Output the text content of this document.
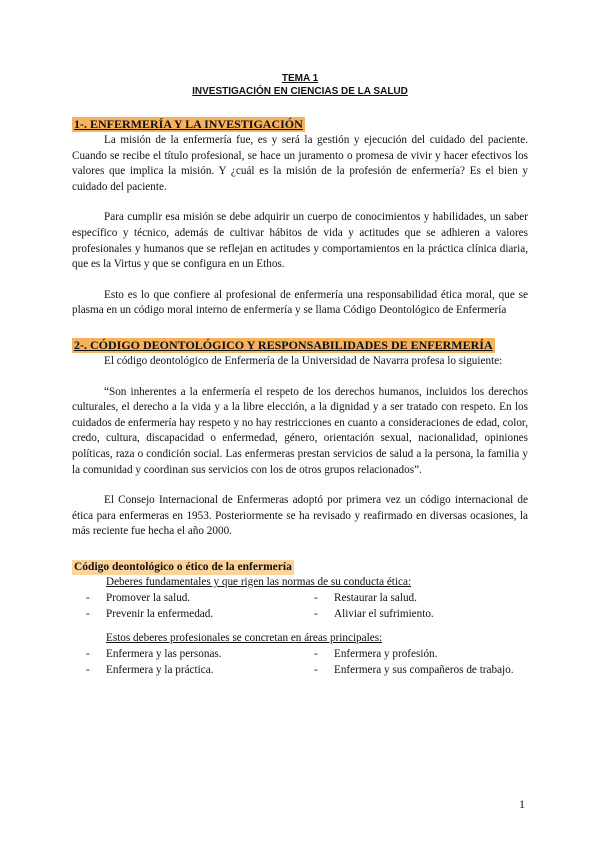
TEMA 1
INVESTIGACIÓN EN CIENCIAS DE LA SALUD
1-. ENFERMERÍA Y LA INVESTIGACIÓN

La misión de la enfermería fue, es y será la gestión y ejecución del cuidado del paciente. Cuando se recibe el título profesional, se hace un juramento o promesa de vivir y hacer efectivos los valores que implica la misión. Y ¿cuál es la misión de la profesión de enfermería? Es el bien y cuidado del paciente.

Para cumplir esa misión se debe adquirir un cuerpo de conocimientos y habilidades, un saber específico y técnico, además de cultivar hábitos de vida y actitudes que se adhieren a valores profesionales y humanos que se reflejan en actitudes y comportamientos en la práctica clínica diaria, que es la Virtus y que se configura en un Ethos.

Esto es lo que confiere al profesional de enfermería una responsabilidad ética moral, que se plasma en un código moral interno de enfermería y se llama Código Deontológico de Enfermería

2-. CÓDIGO DEONTOLÓGICO Y RESPONSABILIDADES DE ENFERMERÍA

El código deontológico de Enfermería de la Universidad de Navarra profesa lo siguiente:

“Son inherentes a la enfermería el respeto de los derechos humanos, incluidos los derechos culturales, el derecho a la vida y a la libre elección, a la dignidad y a ser tratado con respeto. En los cuidados de enfermería hay respeto y no hay restricciones en cuanto a consideraciones de edad, color, credo, cultura, discapacidad o enfermedad, género, orientación sexual, nacionalidad, opiniones políticas, raza o condición social. Las enfermeras prestan servicios de salud a la persona, la familia y la comunidad y coordinan sus servicios con los de otros grupos relacionados”.

El Consejo Internacional de Enfermeras adoptó por primera vez un código internacional de ética para enfermeras en 1953. Posteriormente se ha revisado y reafirmado en diversas ocasiones, la más reciente fue hecha el año 2000.

Código deontológico o ético de la enfermería

Deberes fundamentales y que rigen las normas de su conducta ética:

-	Promover la salud.
-	Prevenir la enfermedad.
-	Restaurar la salud.
-	Aliviar el sufrimiento.

Estos deberes profesionales se concretan en áreas principales:

-	Enfermera y las personas.
-	Enfermera y la práctica.
-	Enfermera y profesión.
-	Enfermera y sus compañeros de trabajo.
1
